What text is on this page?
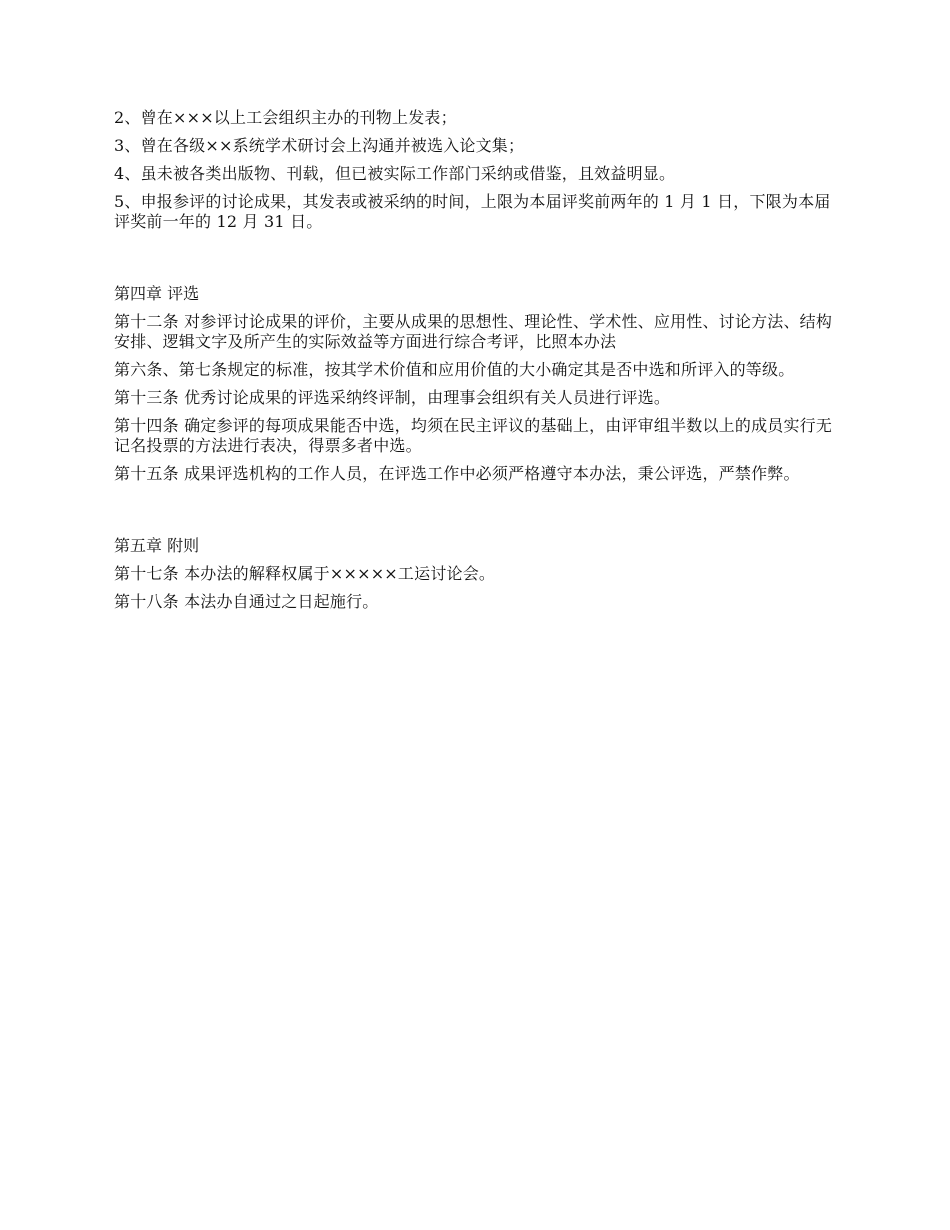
2、曾在×××以上工会组织主办的刊物上发表；

3、曾在各级××系统学术研讨会上沟通并被选入论文集；

4、虽未被各类出版物、刊载，但已被实际工作部门采纳或借鉴，且效益明显。

5、申报参评的讨论成果，其发表或被采纳的时间，上限为本届评奖前两年的 1 月 1 日，下限为本届评奖前一年的 12 月 31 日。

第四章 评选

第十二条 对参评讨论成果的评价，主要从成果的思想性、理论性、学术性、应用性、讨论方法、结构安排、逻辑文字及所产生的实际效益等方面进行综合考评，比照本办法

第六条、第七条规定的标准，按其学术价值和应用价值的大小确定其是否中选和所评入的等级。

第十三条 优秀讨论成果的评选采纳终评制，由理事会组织有关人员进行评选。

第十四条 确定参评的每项成果能否中选，均须在民主评议的基础上，由评审组半数以上的成员实行无记名投票的方法进行表决，得票多者中选。

第十五条 成果评选机构的工作人员，在评选工作中必须严格遵守本办法，秉公评选，严禁作弊。

第五章 附则

第十七条 本办法的解释权属于×××××工运讨论会。

第十八条 本法办自通过之日起施行。
